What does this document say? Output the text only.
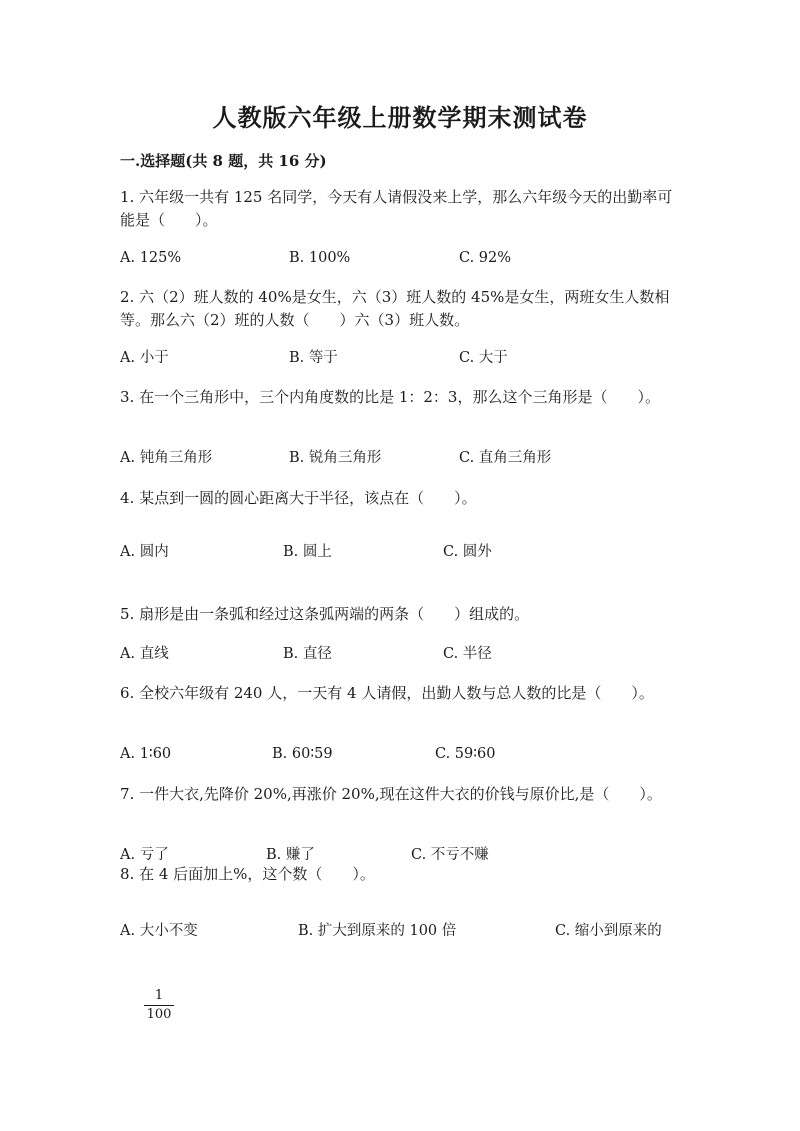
人教版六年级上册数学期末测试卷
一.选择题(共 8 题，共 16 分)
1. 六年级一共有 125 名同学，今天有人请假没来上学，那么六年级今天的出勤率可能是（　　）。
A. 125%	B. 100%	C. 92%
2. 六（2）班人数的 40%是女生，六（3）班人数的 45%是女生，两班女生人数相等。那么六（2）班的人数（　　）六（3）班人数。
A. 小于	B. 等于	C. 大于
3. 在一个三角形中，三个内角度数的比是 1：2：3，那么这个三角形是（　　）。
A. 钝角三角形	B. 锐角三角形	C. 直角三角形
4. 某点到一圆的圆心距离大于半径，该点在（　　）。
A. 圆内	B. 圆上	C. 圆外
5. 扇形是由一条弧和经过这条弧两端的两条（　　）组成的。
A. 直线	B. 直径	C. 半径
6. 全校六年级有 240 人，一天有 4 人请假，出勤人数与总人数的比是（　　）。
A. 1∶60	B. 60∶59	C. 59∶60
7. 一件大衣,先降价 20%,再涨价 20%,现在这件大衣的价钱与原价比,是（　　）。
A. 亏了	B. 赚了	C. 不亏不赚
8. 在 4 后面加上%，这个数（　　）。
A. 大小不变	B. 扩大到原来的 100 倍	C. 缩小到原来的
$\frac{1}{100}$
